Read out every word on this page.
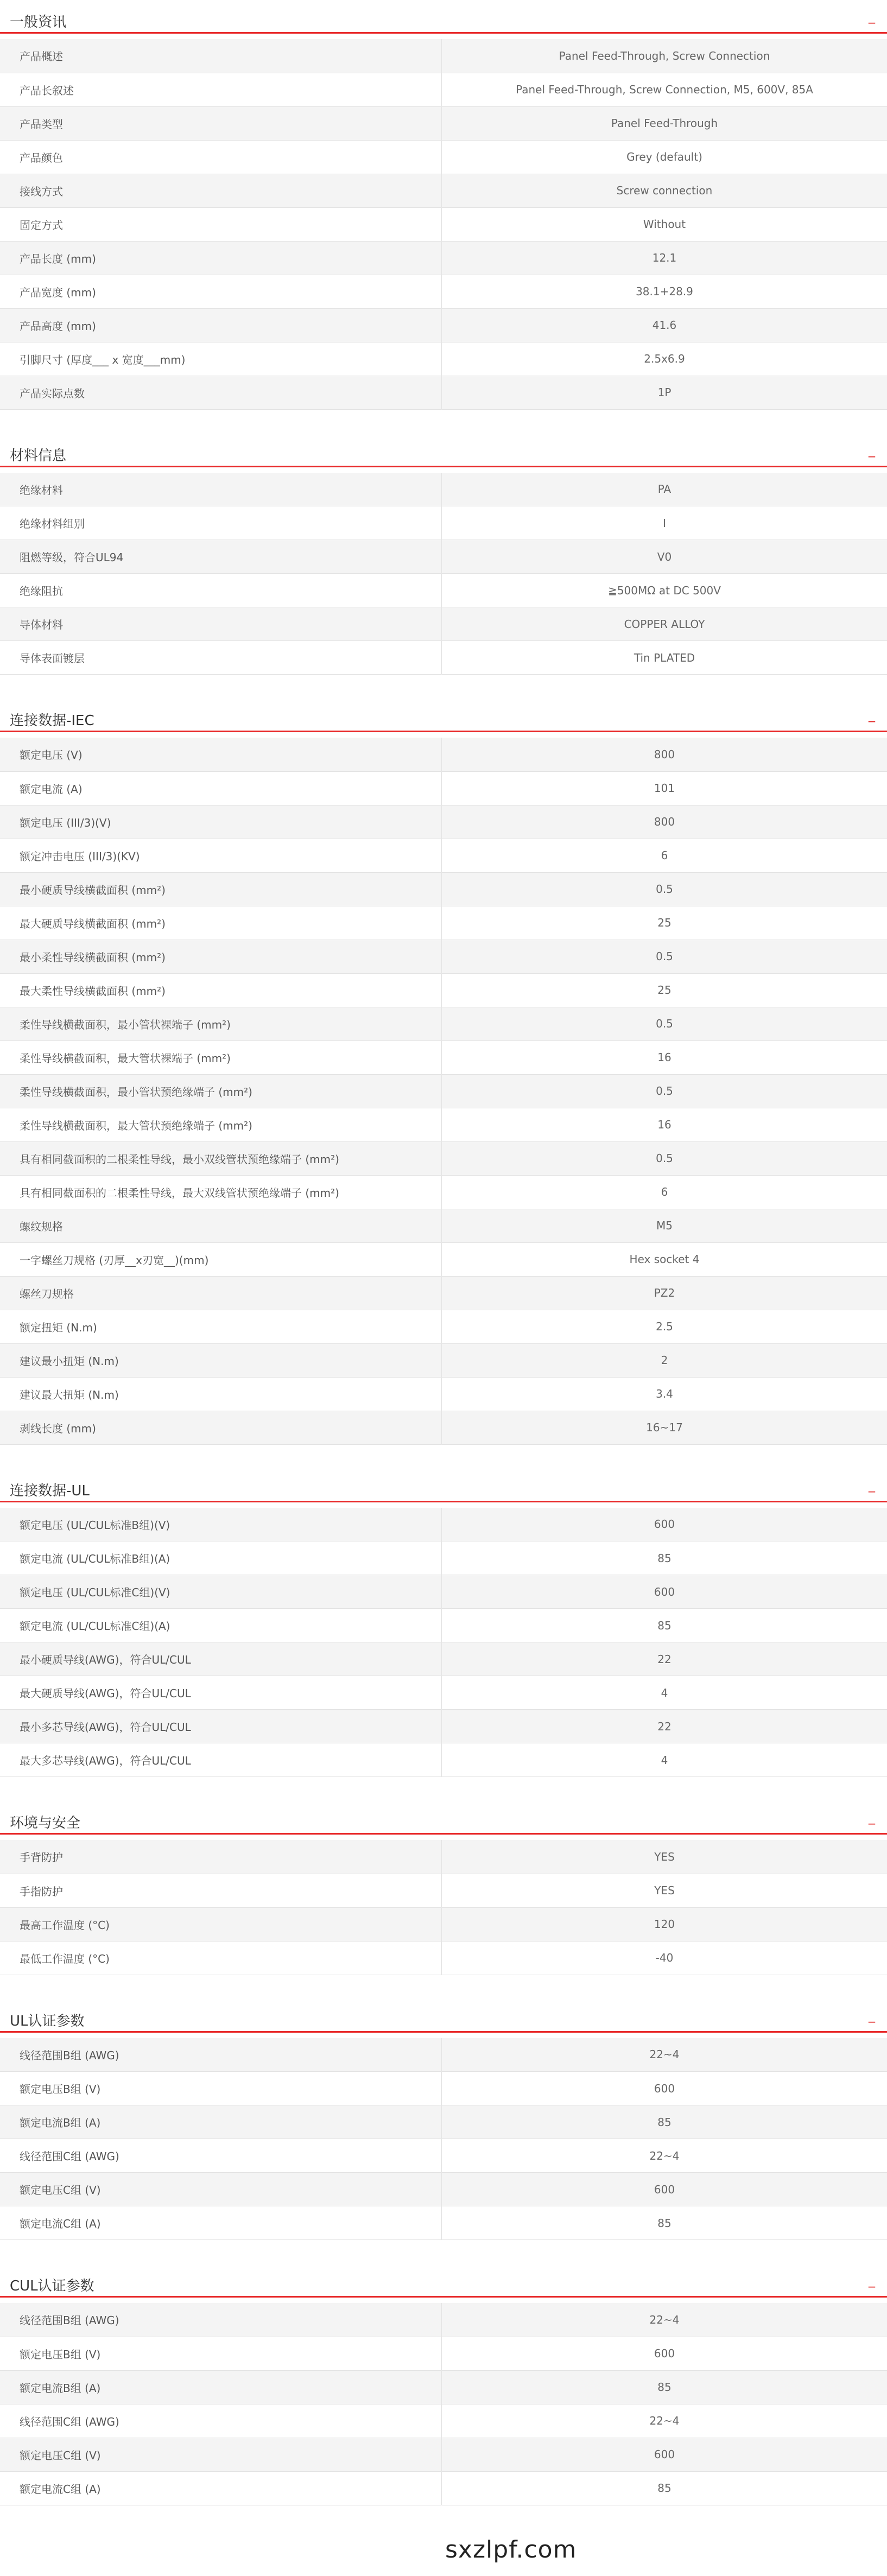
一般资讯	_
产品概述	Panel Feed-Through, Screw Connection
产品长叙述	Panel Feed-Through, Screw Connection, M5, 600V, 85A
产品类型	Panel Feed-Through
产品颜色	Grey (default)
接线方式	Screw connection
固定方式	Without
产品长度 (mm)	12.1
产品宽度 (mm)	38.1+28.9
产品高度 (mm)	41.6
引脚尺寸 (厚度___ x 宽度___mm)	2.5x6.9
产品实际点数	1P
材料信息	_
绝缘材料	PA
绝缘材料组别	I
阻燃等级，符合UL94	V0
绝缘阻抗	≧500MΩ at DC 500V
导体材料	COPPER ALLOY
导体表面镀层	Tin PLATED
连接数据-IEC	_
额定电压 (V)	800
额定电流 (A)	101
额定电压 (III/3)(V)	800
额定冲击电压 (III/3)(KV)	6
最小硬质导线横截面积 (mm²)	0.5
最大硬质导线横截面积 (mm²)	25
最小柔性导线横截面积 (mm²)	0.5
最大柔性导线横截面积 (mm²)	25
柔性导线横截面积，最小管状裸端子 (mm²)	0.5
柔性导线横截面积，最大管状裸端子 (mm²)	16
柔性导线横截面积，最小管状预绝缘端子 (mm²)	0.5
柔性导线横截面积，最大管状预绝缘端子 (mm²)	16
具有相同截面积的二根柔性导线，最小双线管状预绝缘端子 (mm²)	0.5
具有相同截面积的二根柔性导线，最大双线管状预绝缘端子 (mm²)	6
螺纹规格	M5
一字螺丝刀规格 (刃厚__x刃宽__)(mm)	Hex socket 4
螺丝刀规格	PZ2
额定扭矩 (N.m)	2.5
建议最小扭矩 (N.m)	2
建议最大扭矩 (N.m)	3.4
剥线长度 (mm)	16~17
连接数据-UL	_
额定电压 (UL/CUL标准B组)(V)	600
额定电流 (UL/CUL标准B组)(A)	85
额定电压 (UL/CUL标准C组)(V)	600
额定电流 (UL/CUL标准C组)(A)	85
最小硬质导线(AWG)，符合UL/CUL	22
最大硬质导线(AWG)，符合UL/CUL	4
最小多芯导线(AWG)，符合UL/CUL	22
最大多芯导线(AWG)，符合UL/CUL	4
环境与安全	_
手背防护	YES
手指防护	YES
最高工作温度 (°C)	120
最低工作温度 (°C)	-40
UL认证参数	_
线径范围B组 (AWG)	22~4
额定电压B组 (V)	600
额定电流B组 (A)	85
线径范围C组 (AWG)	22~4
额定电压C组 (V)	600
额定电流C组 (A)	85
CUL认证参数	_
线径范围B组 (AWG)	22~4
额定电压B组 (V)	600
额定电流B组 (A)	85
线径范围C组 (AWG)	22~4
额定电压C组 (V)	600
额定电流C组 (A)	85
sxzlpf.com
